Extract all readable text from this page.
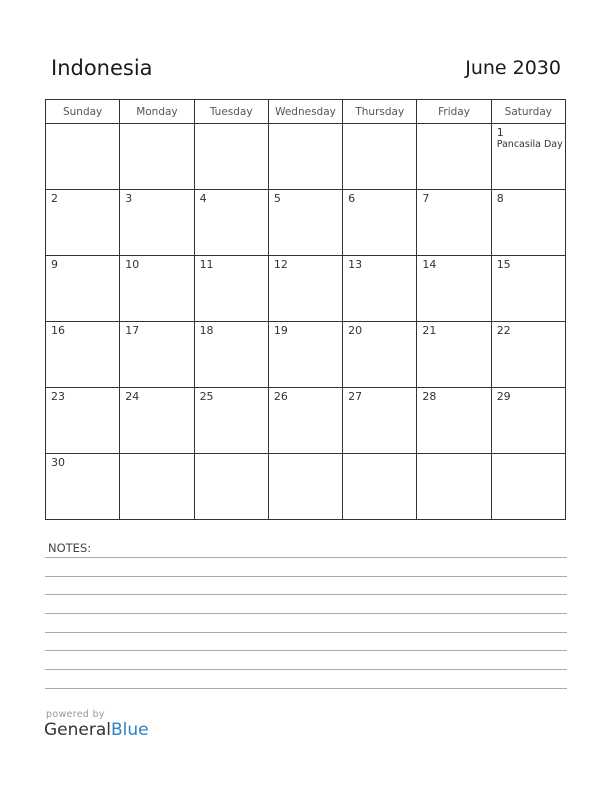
Indonesia	June 2030
Sunday	Monday	Tuesday	Wednesday	Thursday	Friday	Saturday

						1
Pancasila Day

2	3	4	5	6	7	8

9	10	11	12	13	14	15

16	17	18	19	20	21	22

23	24	25	26	27	28	29

30						

NOTES:
powered by
GeneralBlue
